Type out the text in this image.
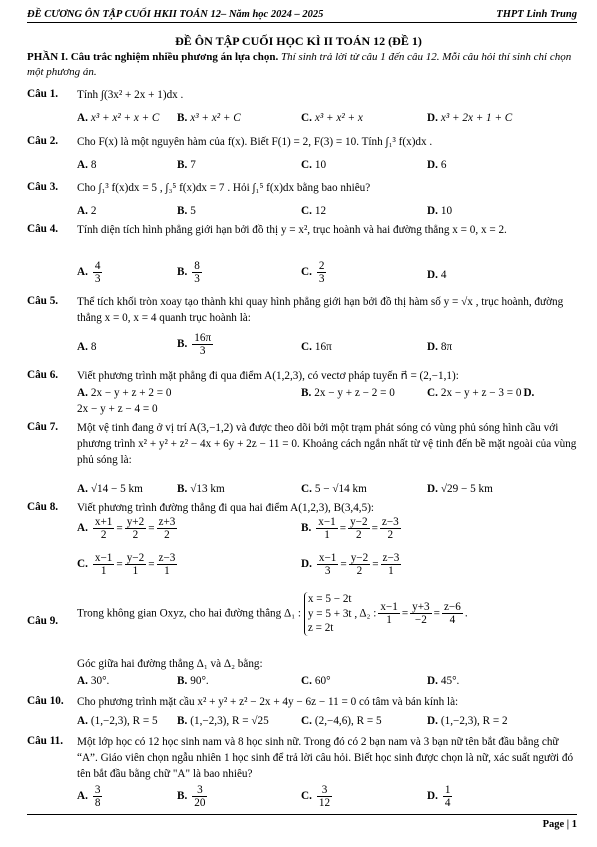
ĐỀ CƯƠNG ÔN TẬP CUỐI HKII TOÁN 12– Năm học 2024 – 2025	THPT Linh Trung
ĐỀ ÔN TẬP CUỐI HỌC KÌ II TOÁN 12 (ĐỀ 1)
PHẦN I. Câu trắc nghiệm nhiều phương án lựa chọn. Thí sinh trả lời từ câu 1 đến câu 12. Mỗi câu hỏi thí sinh chỉ chọn một phương án.
Câu 1. Tính ∫(3x² + 2x + 1)dx .
A. x³ + x² + x + C B. x³ + x² + C	C. x³ + x² + x	D. x³ + 2x + 1 + C
Câu 2. Cho F(x) là một nguyên hàm của f(x). Biết F(1) = 2, F(3) = 10. Tính ∫₁³ f(x)dx .
A. 8	B. 7	C. 10	D. 6
Câu 3. Cho ∫₁³ f(x)dx = 5 , ∫₃⁵ f(x)dx = 7 . Hỏi ∫₁⁵ f(x)dx bằng bao nhiêu?
A. 2	B. 5	C. 12	D. 10
Câu 4. Tính diện tích hình phẳng giới hạn bởi đồ thị y = x², trục hoành và hai đường thẳng x = 0, x = 2.
A. $\frac{4}{3}$	B. $\frac{8}{3}$	C. $\frac{2}{3}$	D. 4
Câu 5. Thể tích khối tròn xoay tạo thành khi quay hình phẳng giới hạn bởi đồ thị hàm số y = √x , trục hoành, đường thẳng x = 0, x = 4 quanh trục hoành là:
A. 8	B. $\frac{16\pi}{3}$	C. 16π	D. 8π
Câu 6. Viết phương trình mặt phẳng đi qua điểm A(1,2,3), có vectơ pháp tuyến n⃗ = (2,−1,1):
A. 2x − y + z + 2 = 0	B. 2x − y + z − 2 = 0	C. 2x − y + z − 3 = 0 D.
2x − y + z − 4 = 0
Câu 7. Một vệ tinh đang ở vị trí A(3,−1,2) và được theo dõi bởi một trạm phát sóng có vùng phủ sóng hình cầu với phương trình x² + y² + z² − 4x + 6y + 2z − 11 = 0. Khoảng cách ngắn nhất từ vệ tinh đến bề mặt ngoài của vùng phủ sóng là:
A. √14 − 5 km	B. √13 km	C. 5 − √14 km	D. √29 − 5 km
Câu 8. Viết phương trình đường thẳng đi qua hai điểm A(1,2,3), B(3,4,5):
A. $\frac{x+1}{2} = \frac{y+2}{2} = \frac{z+3}{2}$	B. $\frac{x-1}{1} = \frac{y-2}{2} = \frac{z-3}{2}$
C. $\frac{x-1}{1} = \frac{y-2}{1} = \frac{z-3}{1}$	D. $\frac{x-1}{3} = \frac{y-2}{2} = \frac{z-3}{1}$
Câu 9.
Trong không gian Oxyz, cho hai đường thẳng Δ₁ : x = 5 − 2t
y = 5 + 3t ,
z = 2t Δ₂ : $\frac{x-1}{1} = \frac{y+3}{-2} = \frac{z-6}{4}$ .
Góc giữa hai đường thẳng Δ₁ và Δ₂ bằng:
A. 30°.	B. 90°.	C. 60°	D. 45°.
Câu 10. Cho phương trình mặt cầu x² + y² + z² − 2x + 4y − 6z − 11 = 0 có tâm và bán kính là:
A. (1,−2,3), R = 5 B. (1,−2,3), R = √25	C. (2,−4,6), R = 5	D. (1,−2,3), R = 2
Câu 11. Một lớp học có 12 học sinh nam và 8 học sinh nữ. Trong đó có 2 bạn nam và 3 bạn nữ tên bắt đầu bằng chữ “A”. Giáo viên chọn ngẫu nhiên 1 học sinh để trả lời câu hỏi. Biết học sinh được chọn là nữ, xác suất người đó tên bắt đầu bằng chữ "A" là bao nhiêu?
A. $\frac{3}{8}$	B. $\frac{3}{20}$	C. $\frac{3}{12}$	D. $\frac{1}{4}$
Page | 1
